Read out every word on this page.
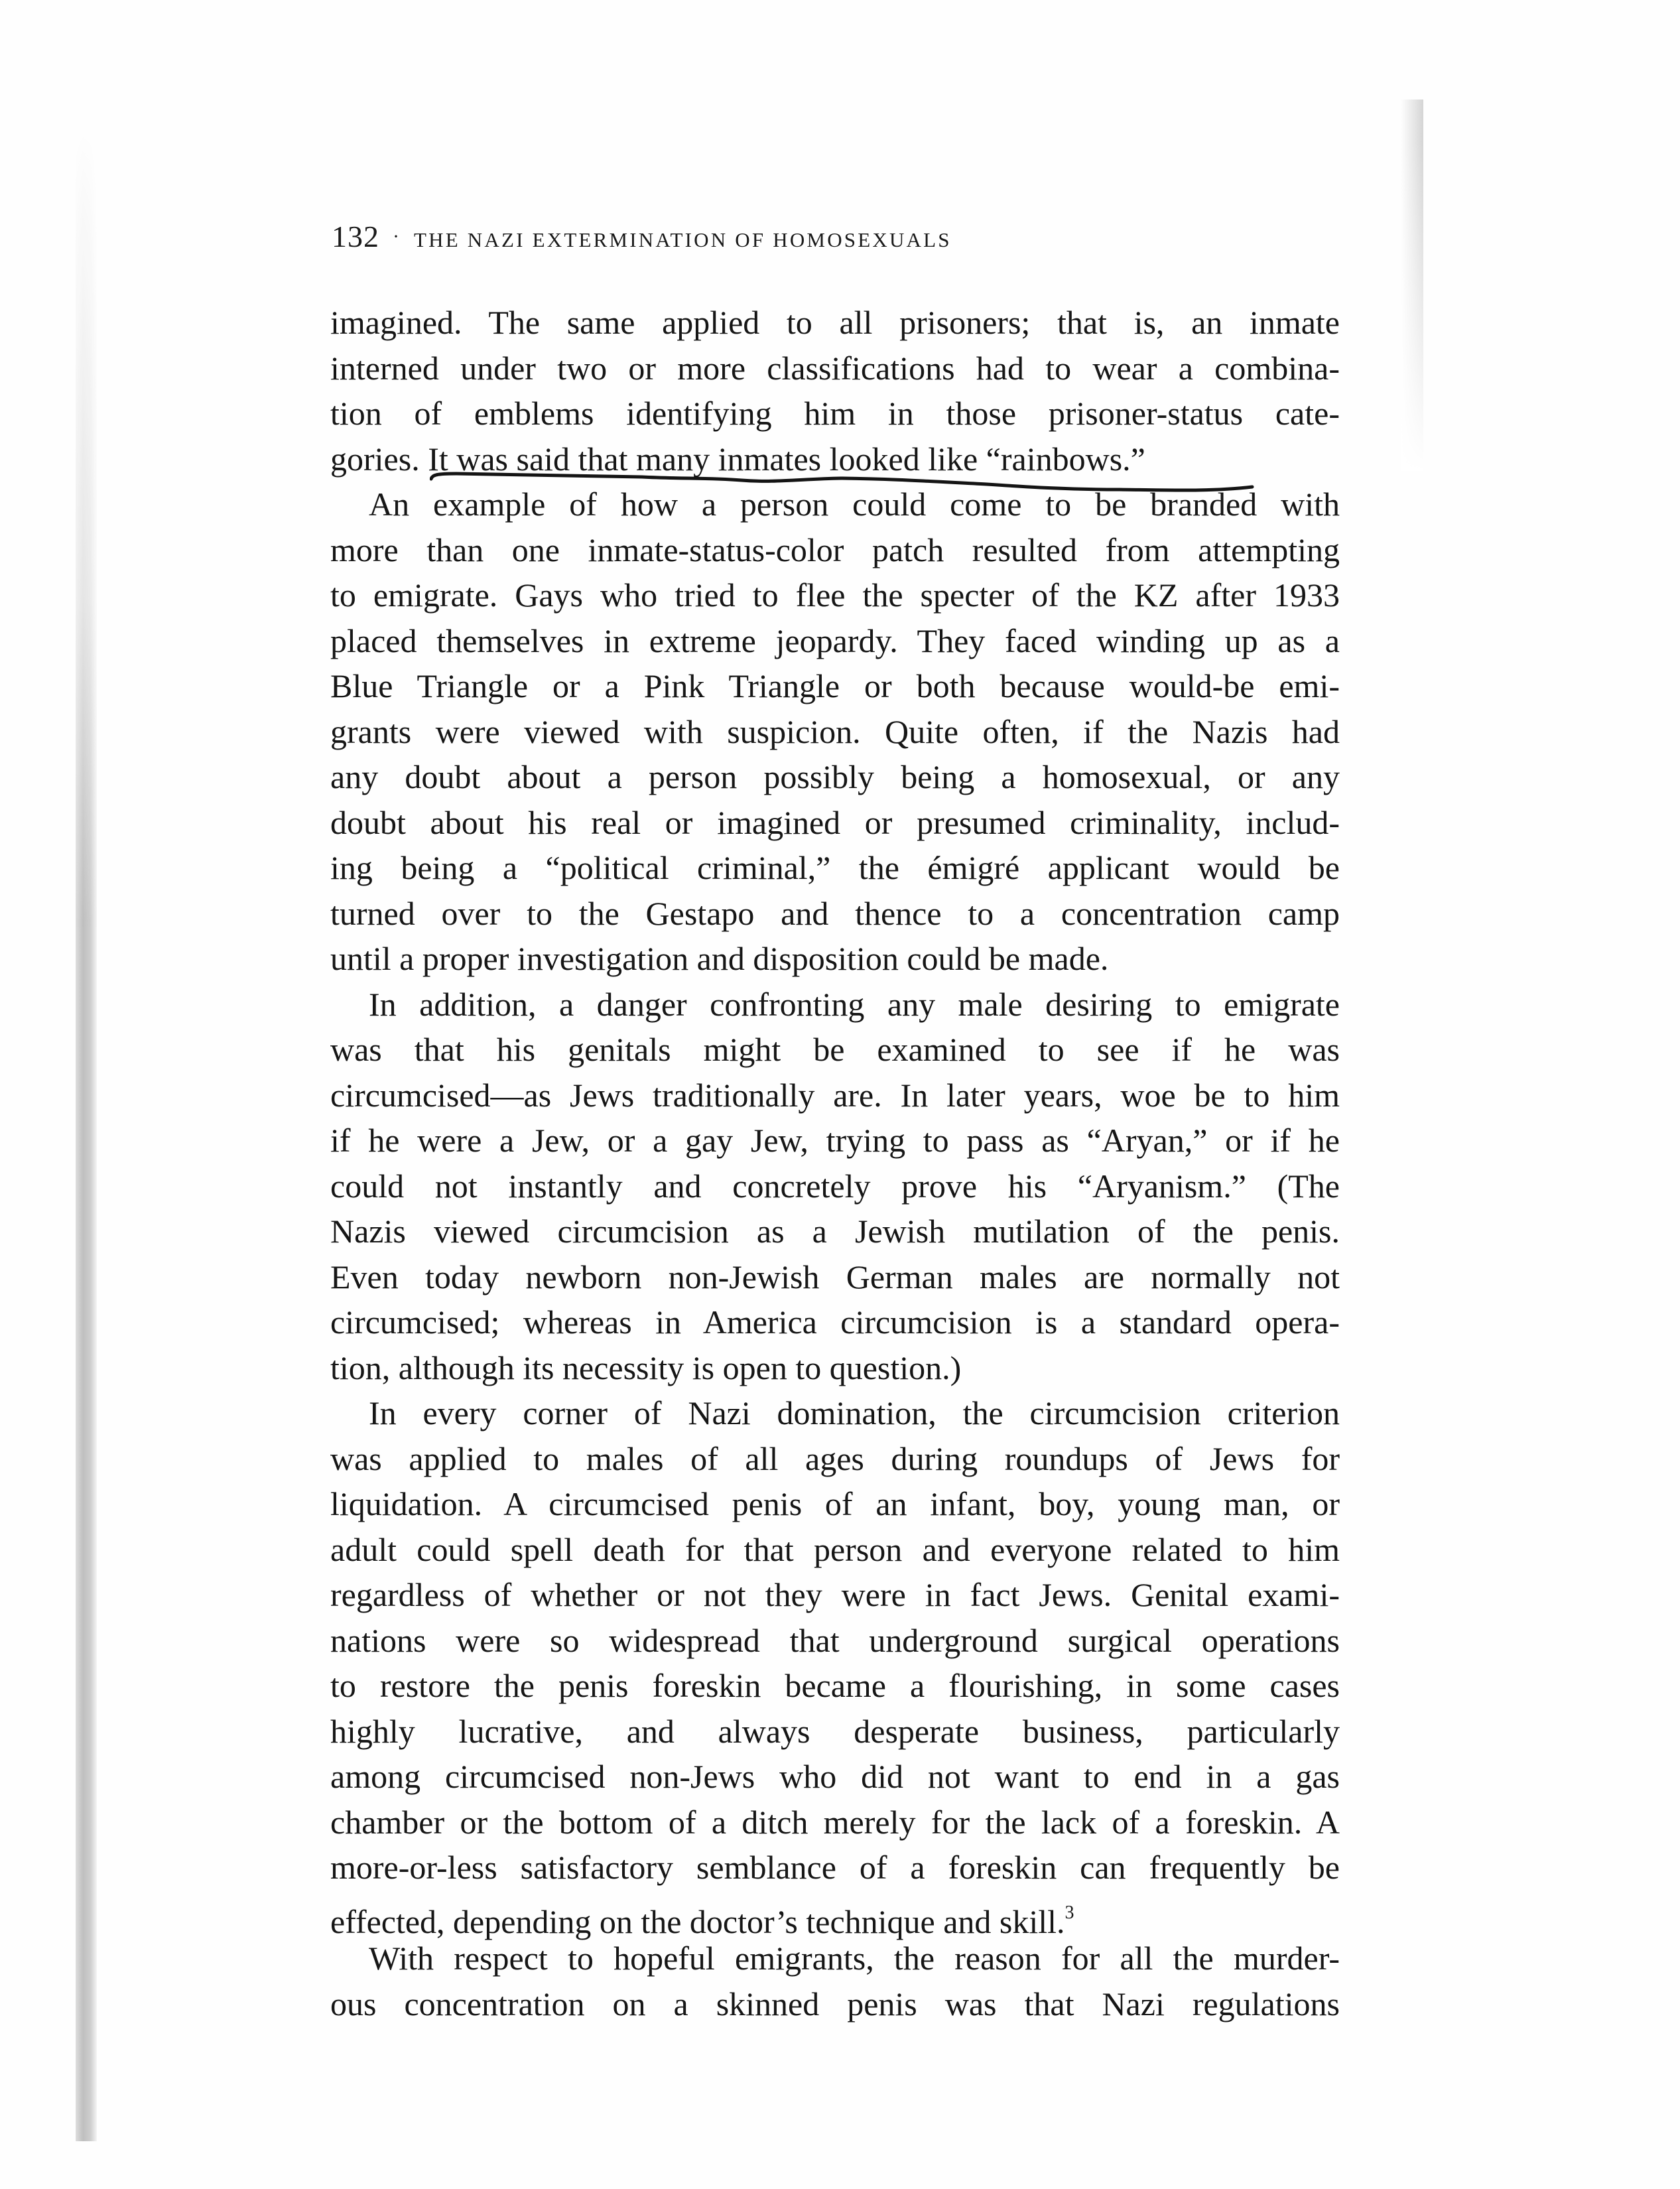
132 · THE NAZI EXTERMINATION OF HOMOSEXUALS
imagined. The same applied to all prisoners; that is, an inmate
interned under two or more classifications had to wear a combina-
tion of emblems identifying him in those prisoner-status cate-
gories. It was said that many inmates looked like “rainbows.”
An example of how a person could come to be branded with
more than one inmate-status-color patch resulted from attempting
to emigrate. Gays who tried to flee the specter of the KZ after 1933
placed themselves in extreme jeopardy. They faced winding up as a
Blue Triangle or a Pink Triangle or both because would-be emi-
grants were viewed with suspicion. Quite often, if the Nazis had
any doubt about a person possibly being a homosexual, or any
doubt about his real or imagined or presumed criminality, includ-
ing being a “political criminal,” the émigré applicant would be
turned over to the Gestapo and thence to a concentration camp
until a proper investigation and disposition could be made.
In addition, a danger confronting any male desiring to emigrate
was that his genitals might be examined to see if he was
circumcised—as Jews traditionally are. In later years, woe be to him
if he were a Jew, or a gay Jew, trying to pass as “Aryan,” or if he
could not instantly and concretely prove his “Aryanism.” (The
Nazis viewed circumcision as a Jewish mutilation of the penis.
Even today newborn non-Jewish German males are normally not
circumcised; whereas in America circumcision is a standard opera-
tion, although its necessity is open to question.)
In every corner of Nazi domination, the circumcision criterion
was applied to males of all ages during roundups of Jews for
liquidation. A circumcised penis of an infant, boy, young man, or
adult could spell death for that person and everyone related to him
regardless of whether or not they were in fact Jews. Genital exami-
nations were so widespread that underground surgical operations
to restore the penis foreskin became a flourishing, in some cases
highly lucrative, and always desperate business, particularly
among circumcised non-Jews who did not want to end in a gas
chamber or the bottom of a ditch merely for the lack of a foreskin. A
more-or-less satisfactory semblance of a foreskin can frequently be
effected, depending on the doctor’s technique and skill.$^3$
With respect to hopeful emigrants, the reason for all the murder-
ous concentration on a skinned penis was that Nazi regulations
